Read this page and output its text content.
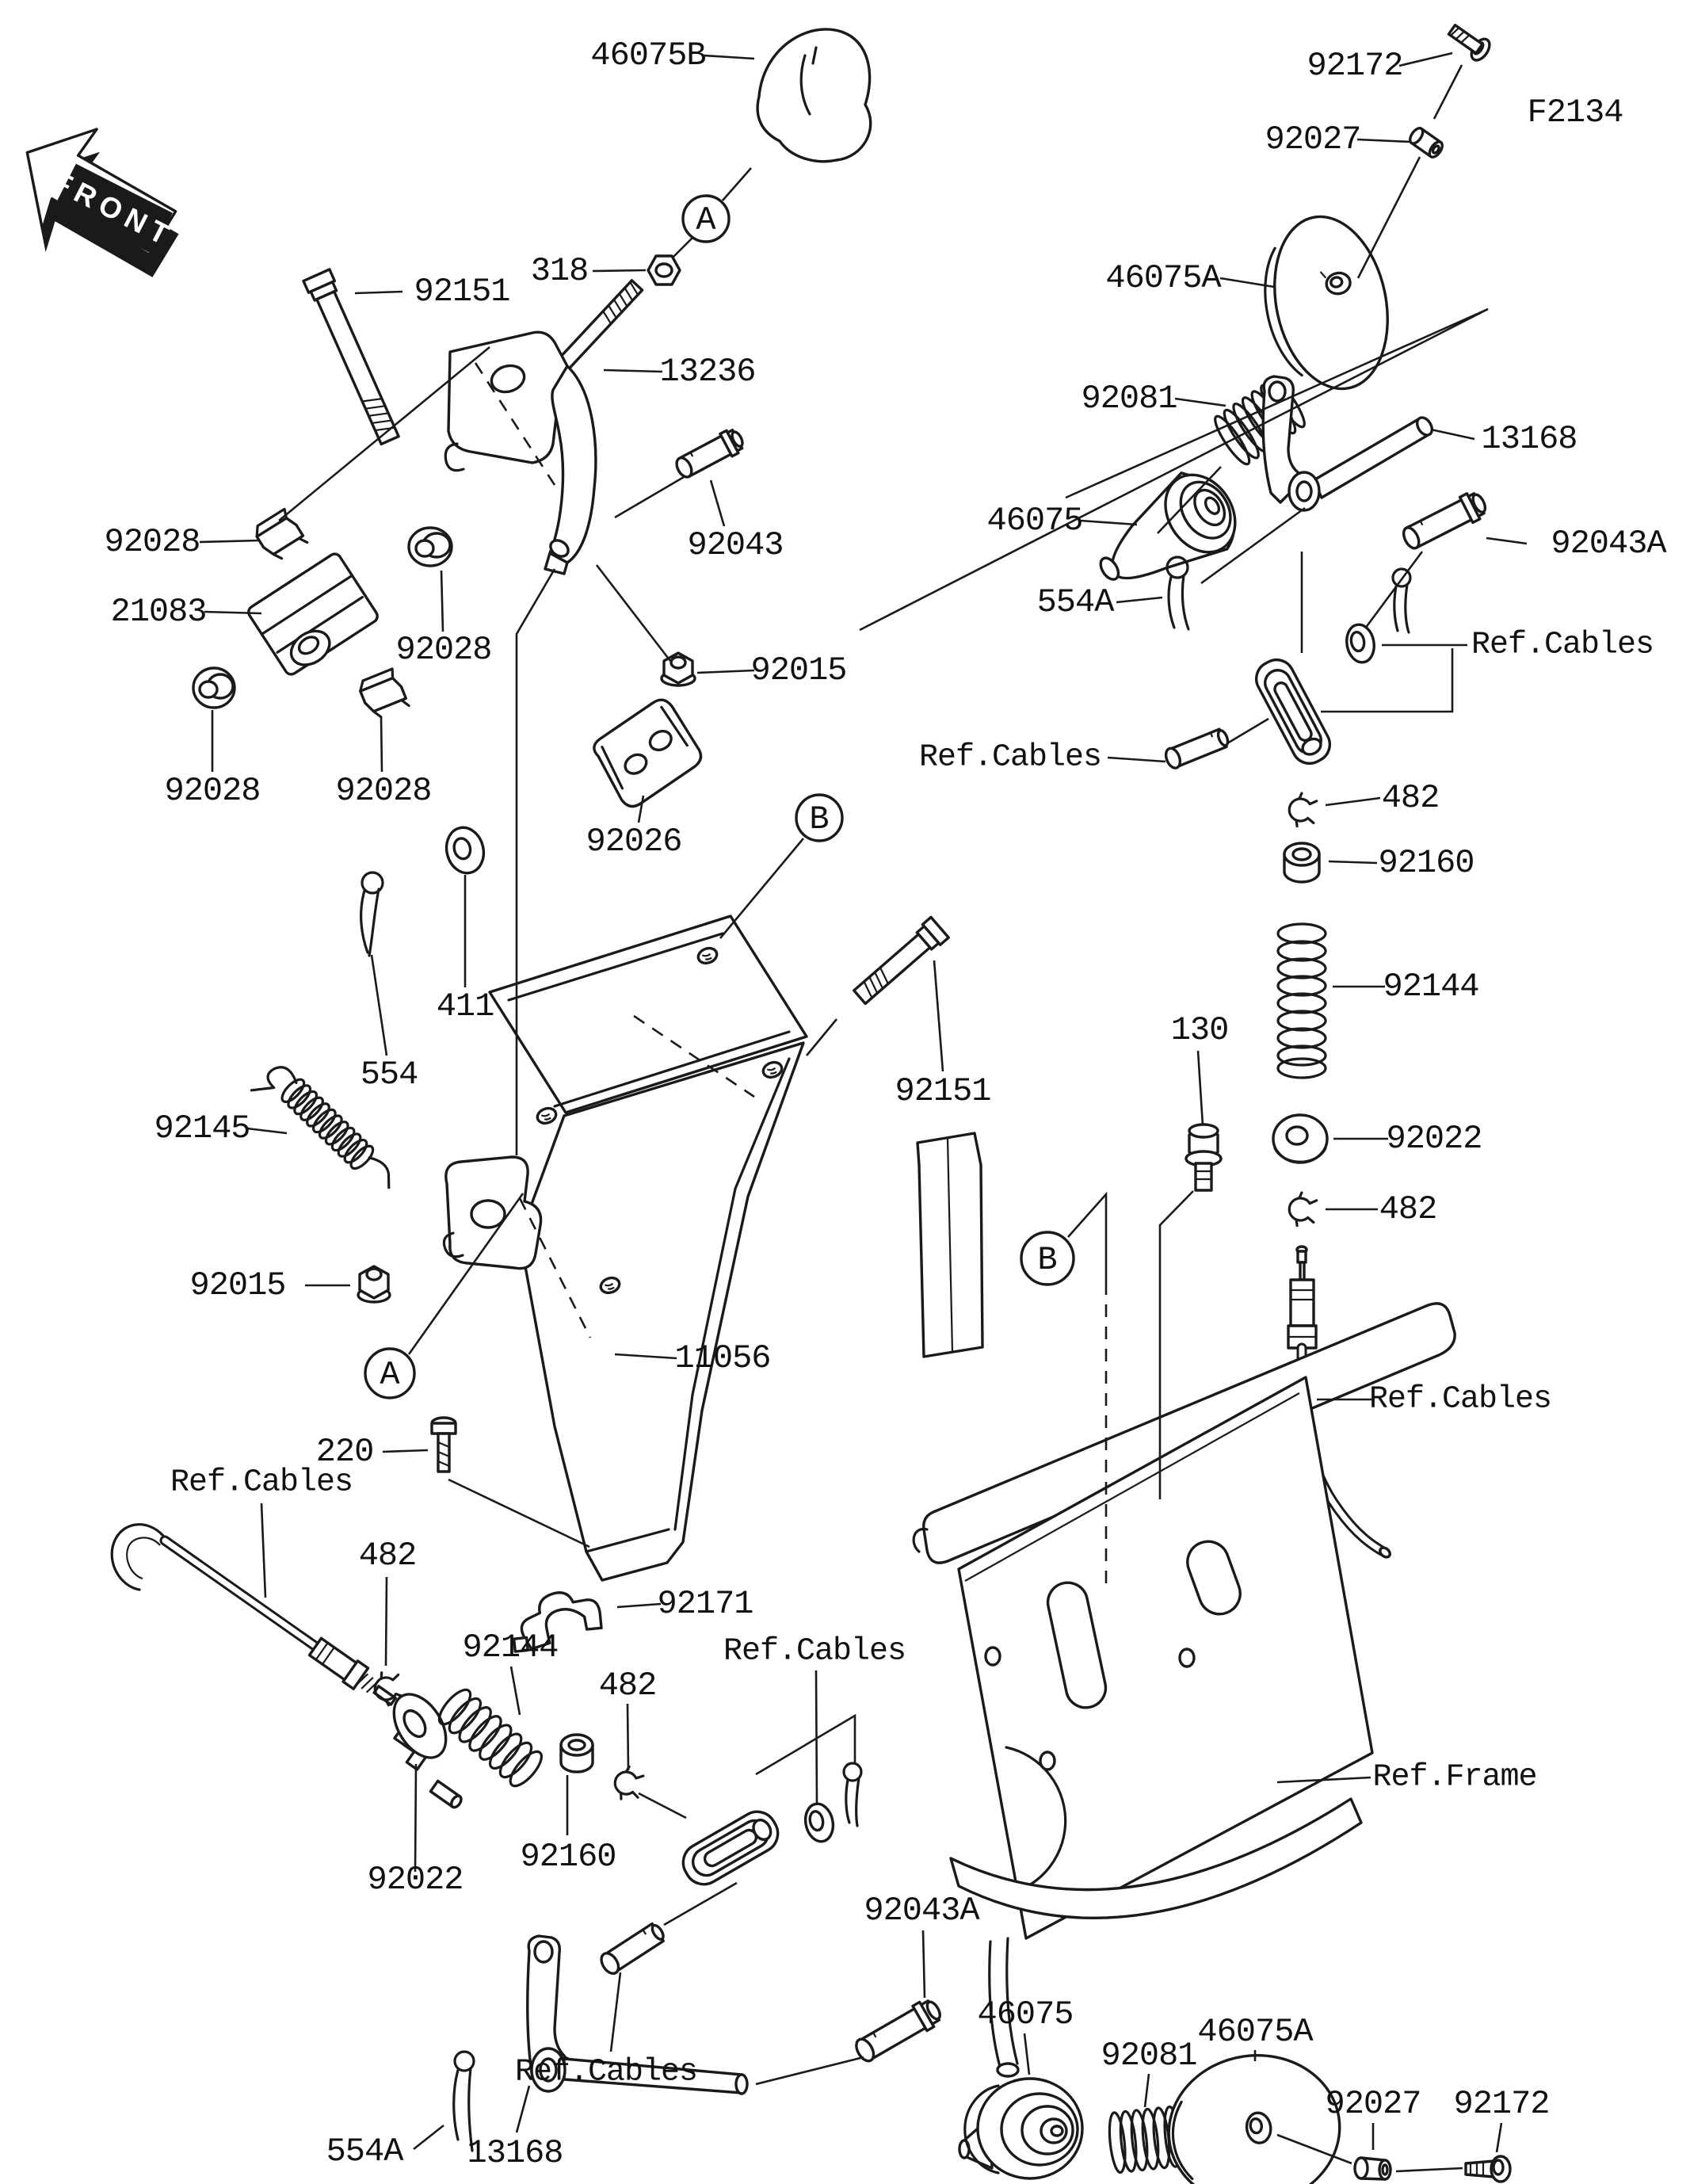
FRONT
92151
46075B
318
13236
92043
92015
92028
21083
92028
92028 92028
92026
411
554	92151
92145
92015
220
11056
92171
Ref.Cables
482
92144
92022
92160
482
Ref.Cables
Ref.Cables
92043A
554A 13168
46075
92081
46075A
92027 92172
92172
92027
F2134
46075A
92081
46075
13168
92043A
554A
Ref.Cables
Ref.Cables
482
92160
92144
130
92022
482
Ref.Cables
Ref.Frame
A
A
B
B
